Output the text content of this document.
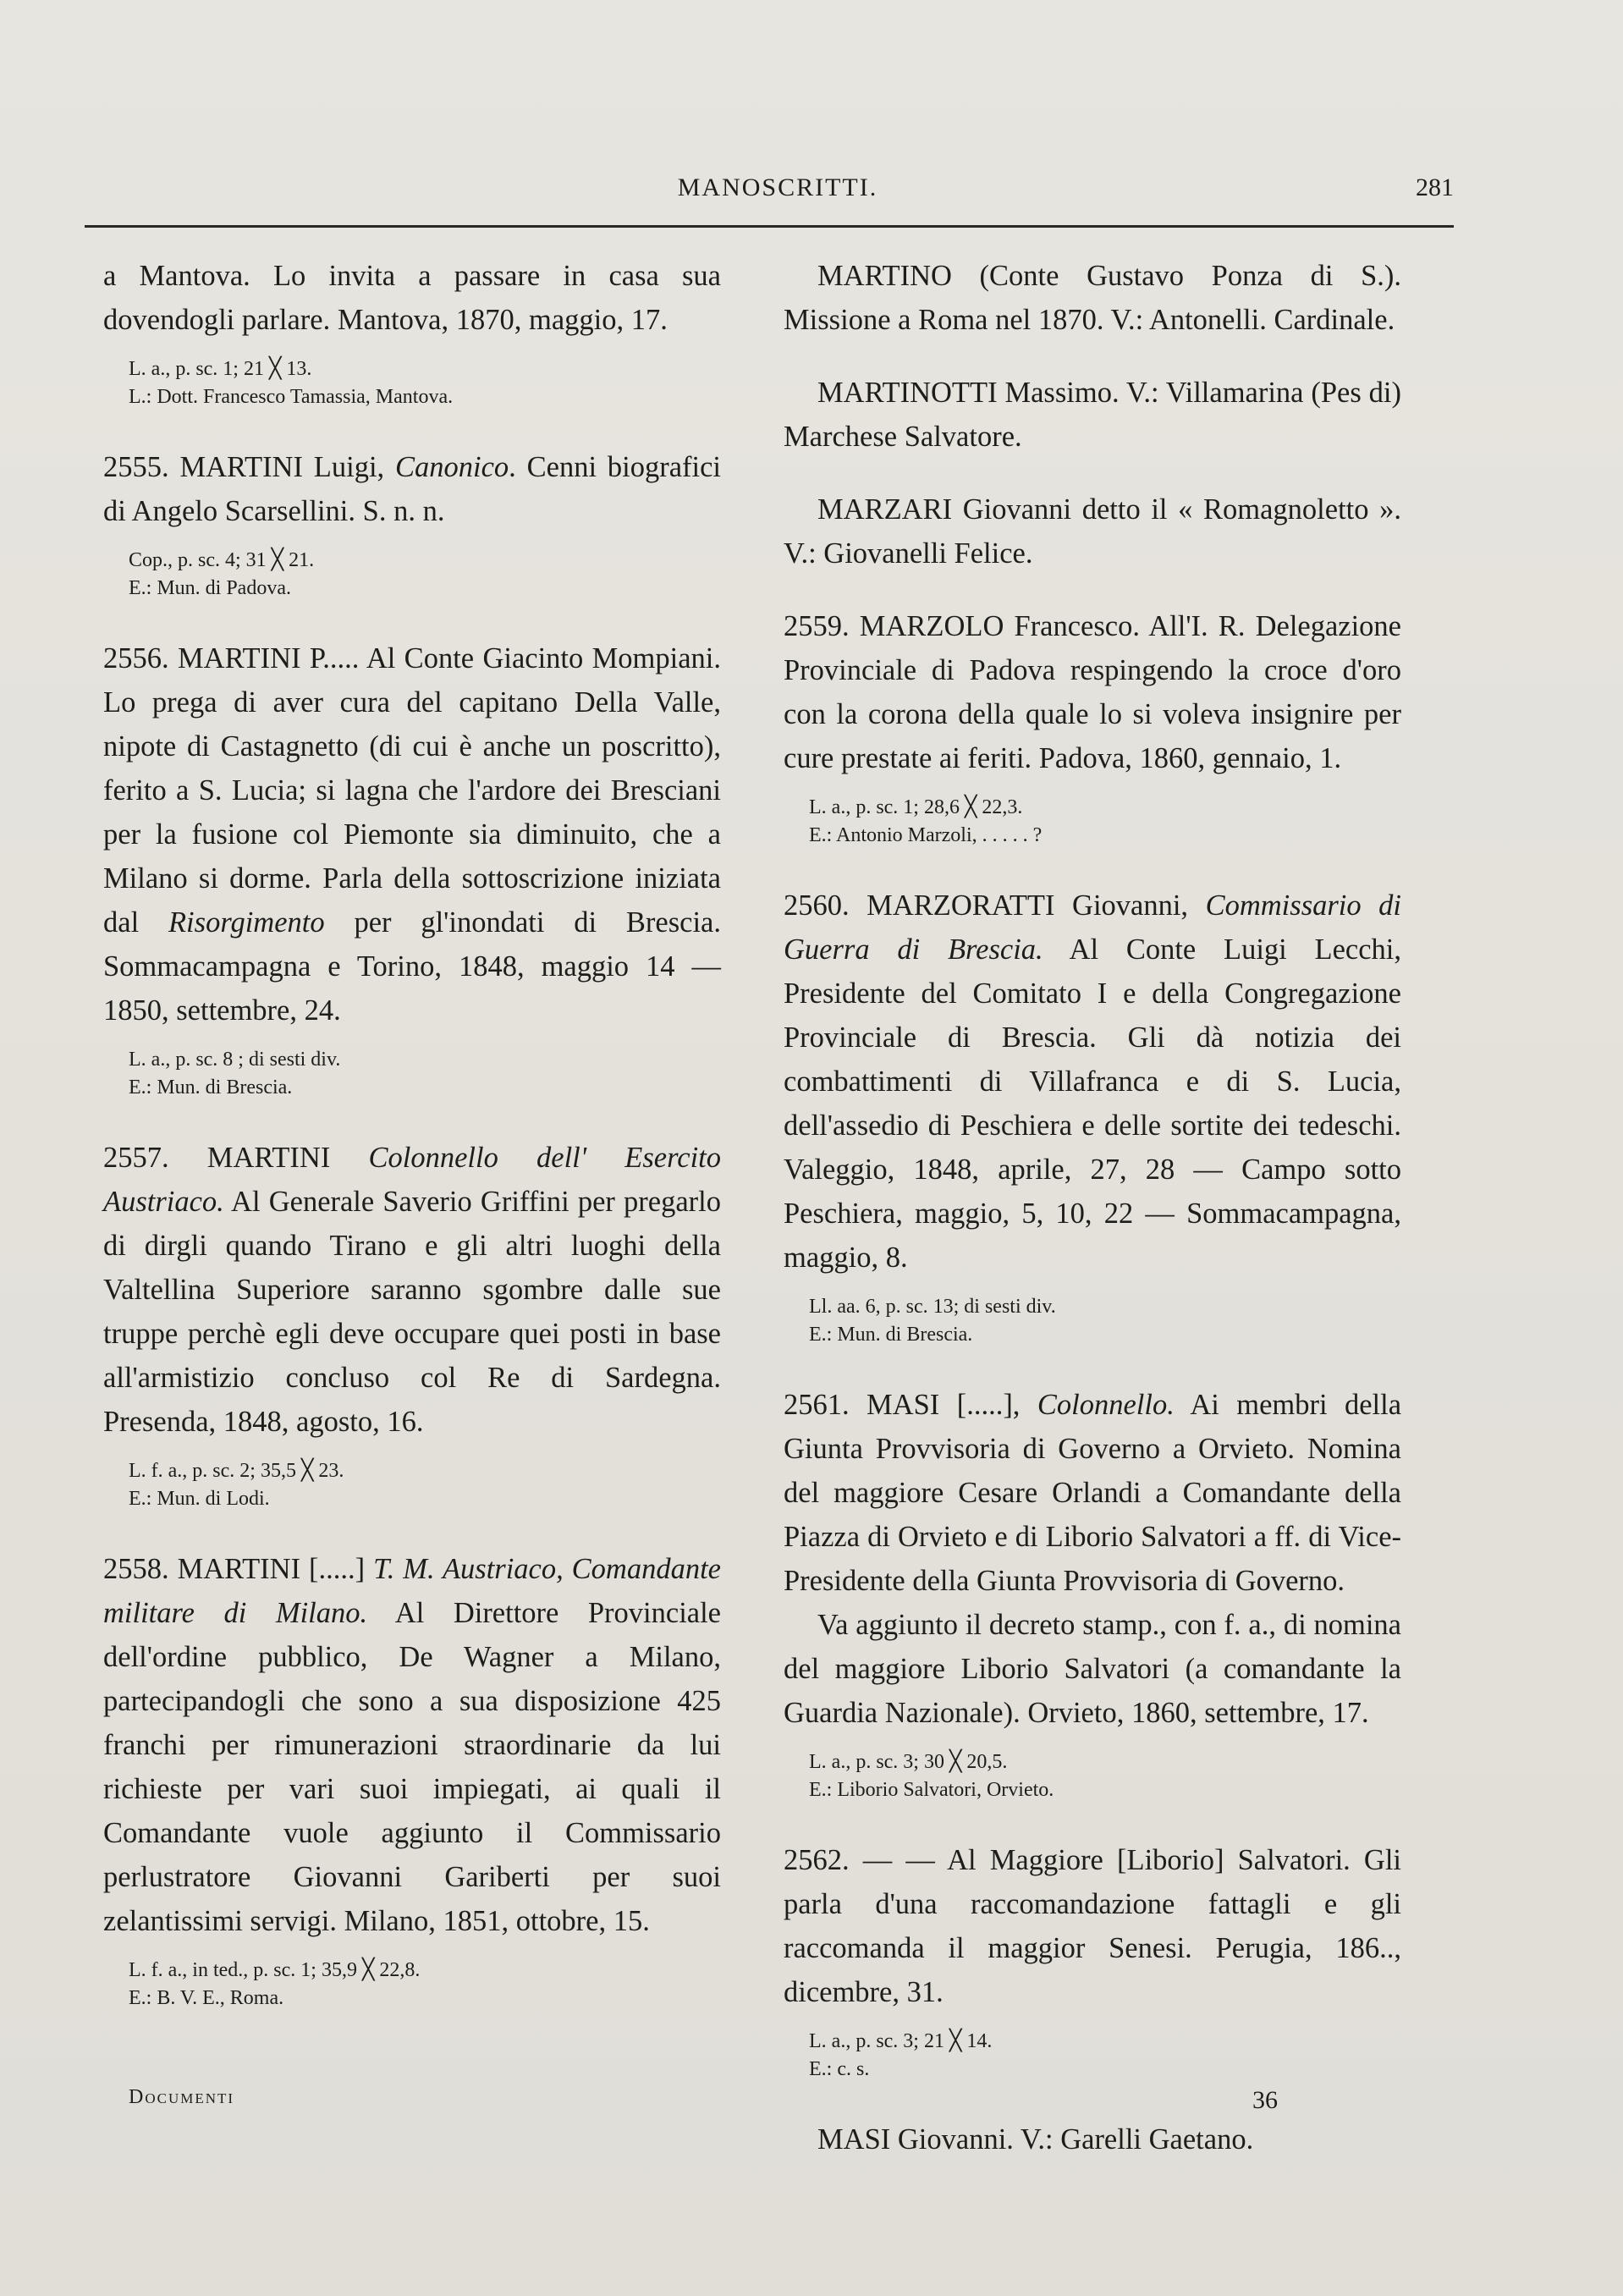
MANOSCRITTI.	281

a Mantova. Lo invita a passare in casa sua dovendogli parlare. Mantova, 1870, maggio, 17.

L. a., p. sc. 1; 21 ╳ 13.
L.: Dott. Francesco Tamassia, Mantova.

2555. MARTINI Luigi, Canonico. Cenni biografici di Angelo Scarsellini. S. n. n.

Cop., p. sc. 4; 31 ╳ 21.
E.: Mun. di Padova.

2556. MARTINI P..... Al Conte Giacinto Mompiani. Lo prega di aver cura del capitano Della Valle, nipote di Castagnetto (di cui è anche un poscritto), ferito a S. Lucia; si lagna che l'ardore dei Bresciani per la fusione col Piemonte sia diminuito, che a Milano si dorme. Parla della sottoscrizione iniziata dal Risorgimento per gl'inondati di Brescia. Sommacampagna e Torino, 1848, maggio 14 — 1850, settembre, 24.

L. a., p. sc. 8 ; di sesti div.
E.: Mun. di Brescia.

2557. MARTINI Colonnello dell' Esercito Austriaco. Al Generale Saverio Griffini per pregarlo di dirgli quando Tirano e gli altri luoghi della Valtellina Superiore saranno sgombre dalle sue truppe perchè egli deve occupare quei posti in base all'armistizio concluso col Re di Sardegna. Presenda, 1848, agosto, 16.

L. f. a., p. sc. 2; 35,5 ╳ 23.
E.: Mun. di Lodi.

2558. MARTINI [.....] T. M. Austriaco, Comandante militare di Milano. Al Direttore Provinciale dell'ordine pubblico, De Wagner a Milano, partecipandogli che sono a sua disposizione 425 franchi per rimunerazioni straordinarie da lui richieste per vari suoi impiegati, ai quali il Comandante vuole aggiunto il Commissario perlustratore Giovanni Gariberti per suoi zelantissimi servigi. Milano, 1851, ottobre, 15.

L. f. a., in ted., p. sc. 1; 35,9 ╳ 22,8.
E.: B. V. E., Roma.

MARTINO (Conte Gustavo Ponza di S.). Missione a Roma nel 1870. V.: Antonelli. Cardinale.

MARTINOTTI Massimo. V.: Villamarina (Pes di) Marchese Salvatore.

MARZARI Giovanni detto il « Romagnoletto ». V.: Giovanelli Felice.

2559. MARZOLO Francesco. All'I. R. Delegazione Provinciale di Padova respingendo la croce d'oro con la corona della quale lo si voleva insignire per cure prestate ai feriti. Padova, 1860, gennaio, 1.

L. a., p. sc. 1; 28,6 ╳ 22,3.
E.: Antonio Marzoli, . . . . . ?

2560. MARZORATTI Giovanni, Commissario di Guerra di Brescia. Al Conte Luigi Lecchi, Presidente del Comitato I e della Congregazione Provinciale di Brescia. Gli dà notizia dei combattimenti di Villafranca e di S. Lucia, dell'assedio di Peschiera e delle sortite dei tedeschi. Valeggio, 1848, aprile, 27, 28 — Campo sotto Peschiera, maggio, 5, 10, 22 — Sommacampagna, maggio, 8.

Ll. aa. 6, p. sc. 13; di sesti div.
E.: Mun. di Brescia.

2561. MASI [.....], Colonnello. Ai membri della Giunta Provvisoria di Governo a Orvieto. Nomina del maggiore Cesare Orlandi a Comandante della Piazza di Orvieto e di Liborio Salvatori a ff. di Vice-Presidente della Giunta Provvisoria di Governo.

Va aggiunto il decreto stamp., con f. a., di nomina del maggiore Liborio Salvatori (a comandante la Guardia Nazionale). Orvieto, 1860, settembre, 17.

L. a., p. sc. 3; 30 ╳ 20,5.
E.: Liborio Salvatori, Orvieto.

2562. — — Al Maggiore [Liborio] Salvatori. Gli parla d'una raccomandazione fattagli e gli raccomanda il maggior Senesi. Perugia, 186.., dicembre, 31.

L. a., p. sc. 3; 21 ╳ 14.
E.: c. s.

MASI Giovanni. V.: Garelli Gaetano.

Documenti	36
